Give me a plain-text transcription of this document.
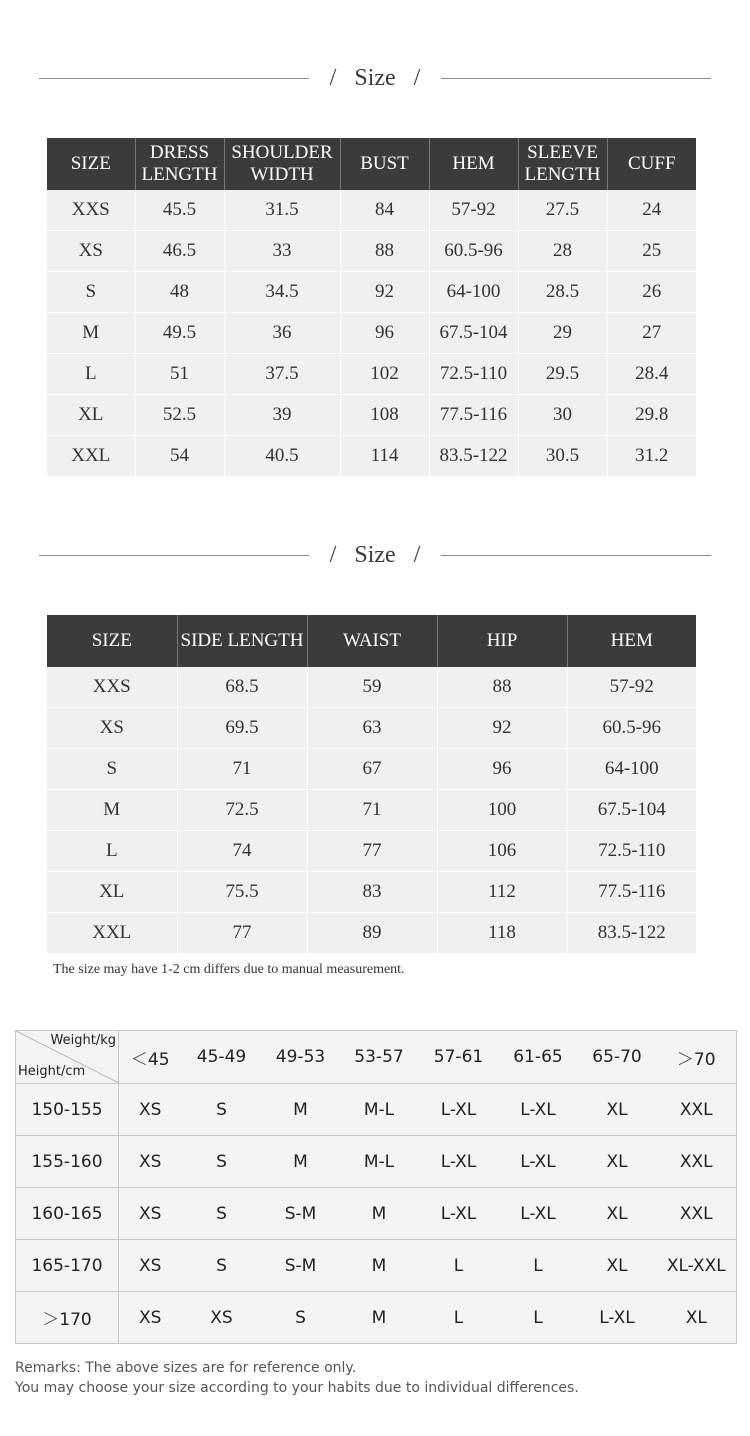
/   Size   /
SIZE	DRESS LENGTH	SHOULDER WIDTH	BUST	HEM	SLEEVE LENGTH	CUFF
XXS	45.5	31.5	84	57-92	27.5	24
XS	46.5	33	88	60.5-96	28	25
S	48	34.5	92	64-100	28.5	26
M	49.5	36	96	67.5-104	29	27
L	51	37.5	102	72.5-110	29.5	28.4
XL	52.5	39	108	77.5-116	30	29.8
XXL	54	40.5	114	83.5-122	30.5	31.2
/   Size   /
SIZE	SIDE LENGTH	WAIST	HIP	HEM
XXS	68.5	59	88	57-92
XS	69.5	63	92	60.5-96
S	71	67	96	64-100
M	72.5	71	100	67.5-104
L	74	77	106	72.5-110
XL	75.5	83	112	77.5-116
XXL	77	89	118	83.5-122
The size may have 1-2 cm differs due to manual measurement.
Weight/kg
Height/cm	＜45	45-49	49-53	53-57	57-61	61-65	65-70	＞70
150-155	XS	S	M	M-L	L-XL	L-XL	XL	XXL
155-160	XS	S	M	M-L	L-XL	L-XL	XL	XXL
160-165	XS	S	S-M	M	L-XL	L-XL	XL	XXL
165-170	XS	S	S-M	M	L	L	XL	XL-XXL
＞170	XS	XS	S	M	L	L	L-XL	XL
Remarks: The above sizes are for reference only.
You may choose your size according to your habits due to individual differences.
